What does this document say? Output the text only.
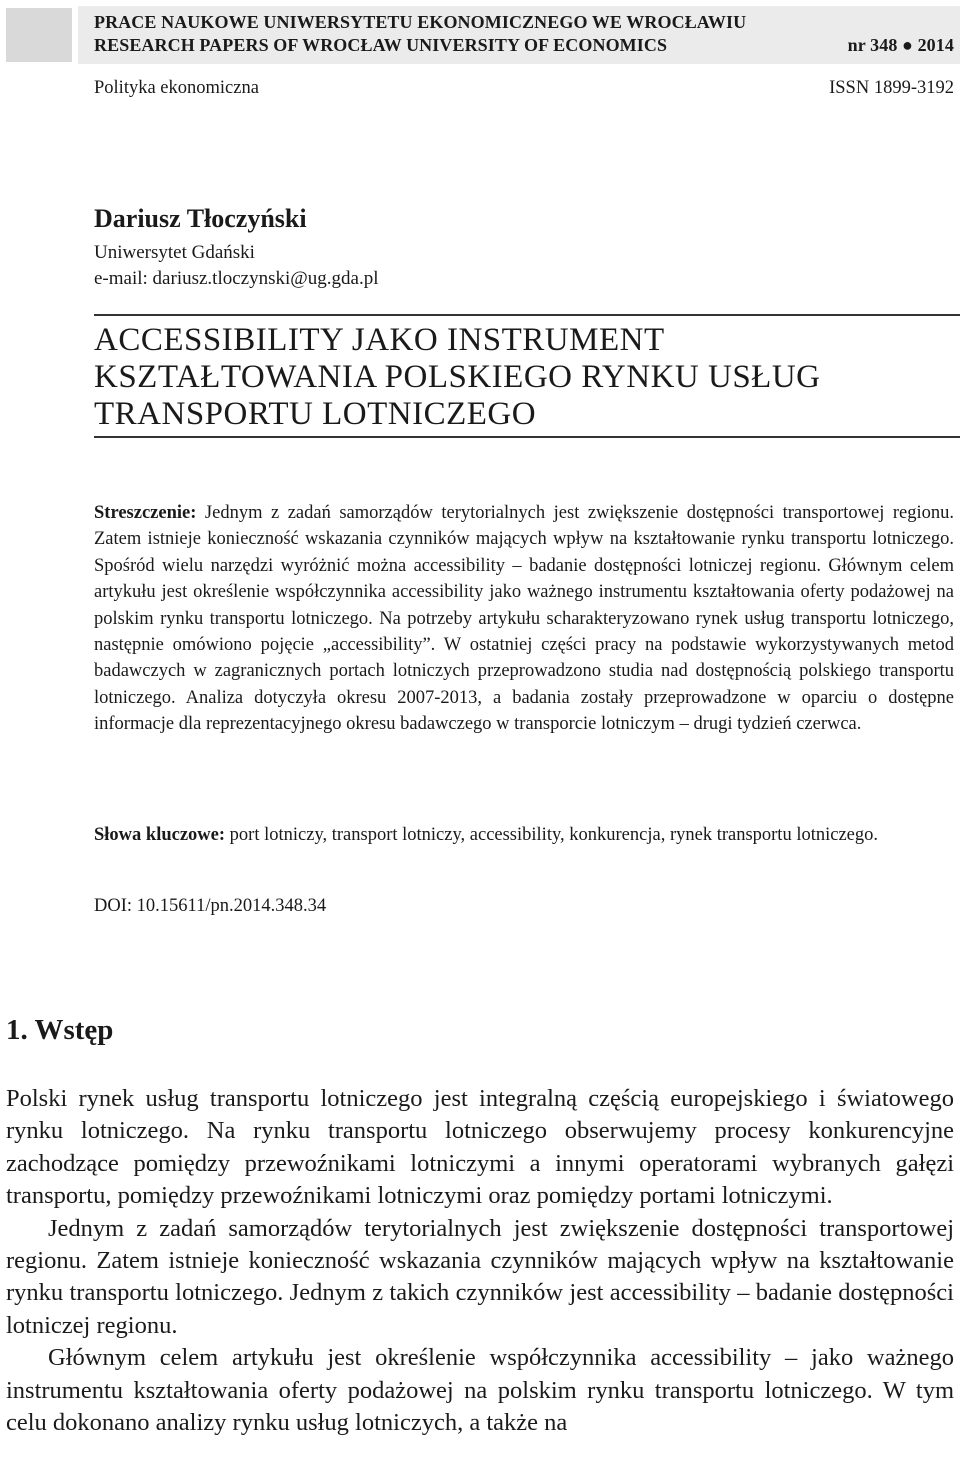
PRACE NAUKOWE UNIWERSYTETU EKONOMICZNEGO WE WROCŁAWIU
RESEARCH PAPERS OF WROCŁAW UNIVERSITY OF ECONOMICS	nr 348 ● 2014
Polityka ekonomiczna	ISSN 1899-3192
Dariusz Tłoczyński
Uniwersytet Gdański
e-mail: dariusz.tloczynski@ug.gda.pl
ACCESSIBILITY JAKO INSTRUMENT
KSZTAŁTOWANIA POLSKIEGO RYNKU USŁUG
TRANSPORTU LOTNICZEGO
Streszczenie: Jednym z zadań samorządów terytorialnych jest zwiększenie dostępności transportowej regionu. Zatem istnieje konieczność wskazania czynników mających wpływ na kształtowanie rynku transportu lotniczego. Spośród wielu narzędzi wyróżnić można accessibility – badanie dostępności lotniczej regionu. Głównym celem artykułu jest określenie współczynnika accessibility jako ważnego instrumentu kształtowania oferty podażowej na polskim rynku transportu lotniczego. Na potrzeby artykułu scharakteryzowano rynek usług transportu lotniczego, następnie omówiono pojęcie „accessibility”. W ostatniej części pracy na podstawie wykorzystywanych metod badawczych w zagranicznych portach lotniczych przeprowadzono studia nad dostępnością polskiego transportu lotniczego. Analiza dotyczyła okresu 2007-2013, a badania zostały przeprowadzone w oparciu o dostępne informacje dla reprezentacyjnego okresu badawczego w transporcie lotniczym – drugi tydzień czerwca.
Słowa kluczowe: port lotniczy, transport lotniczy, accessibility, konkurencja, rynek transportu lotniczego.
DOI: 10.15611/pn.2014.348.34
1. Wstęp

Polski rynek usług transportu lotniczego jest integralną częścią europejskiego i światowego rynku lotniczego. Na rynku transportu lotniczego obserwujemy procesy konkurencyjne zachodzące pomiędzy przewoźnikami lotniczymi a innymi operatorami wybranych gałęzi transportu, pomiędzy przewoźnikami lotniczymi oraz pomiędzy portami lotniczymi.

Jednym z zadań samorządów terytorialnych jest zwiększenie dostępności transportowej regionu. Zatem istnieje konieczność wskazania czynników mających wpływ na kształtowanie rynku transportu lotniczego. Jednym z takich czynników jest accessibility – badanie dostępności lotniczej regionu.

Głównym celem artykułu jest określenie współczynnika accessibility – jako ważnego instrumentu kształtowania oferty podażowej na polskim rynku transportu lotniczego. W tym celu dokonano analizy rynku usług lotniczych, a także na
